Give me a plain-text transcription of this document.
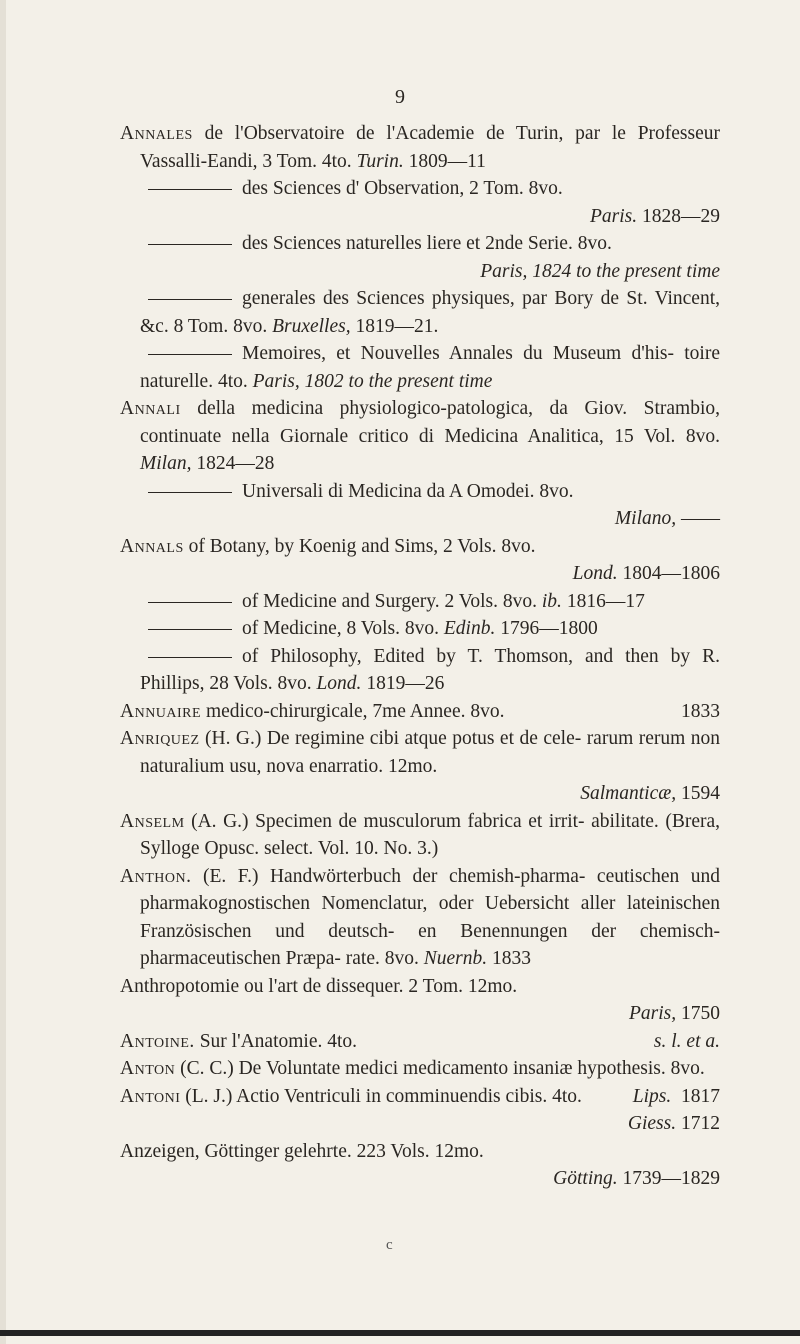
9

Annales de l'Observatoire de l'Academie de Turin, par le Professeur Vassalli-Eandi, 3 Tom. 4to. Turin. 1809—11

des Sciences d' Observation, 2 Tom. 8vo.
Paris. 1828—29

des Sciences naturelles liere et 2nde Serie. 8vo.
Paris, 1824 to the present time

generales des Sciences physiques, par Bory de St. Vincent, &c. 8 Tom. 8vo. Bruxelles, 1819—21.

Memoires, et Nouvelles Annales du Museum d'his- toire naturelle. 4to. Paris, 1802 to the present time

Annali della medicina physiologico-patologica, da Giov. Strambio, continuate nella Giornale critico di Medicina Analitica, 15 Vol. 8vo. Milan, 1824—28

Universali di Medicina da A Omodei. 8vo.
Milano, ——

Annals of Botany, by Koenig and Sims, 2 Vols. 8vo.
Lond. 1804—1806

of Medicine and Surgery. 2 Vols. 8vo. ib. 1816—17

of Medicine, 8 Vols. 8vo. Edinb. 1796—1800

of Philosophy, Edited by T. Thomson, and then by R. Phillips, 28 Vols. 8vo. Lond. 1819—26

Annuaire medico-chirurgicale, 7me Annee. 8vo.	1833

Anriquez (H. G.) De regimine cibi atque potus et de cele- rarum rerum non naturalium usu, nova enarratio. 12mo.
Salmanticæ, 1594

Anselm (A. G.) Specimen de musculorum fabrica et irrit- abilitate. (Brera, Sylloge Opusc. select. Vol. 10. No. 3.)

Anthon. (E. F.) Handwörterbuch der chemish-pharma- ceutischen und pharmakognostischen Nomenclatur, oder Uebersicht aller lateinischen Französischen und deutsch- en Benennungen der chemisch-pharmaceutischen Præpa- rate. 8vo. Nuernb. 1833

Anthropotomie ou l'art de dissequer. 2 Tom. 12mo.
Paris, 1750

Antoine. Sur l'Anatomie. 4to.	s. l. et a.

Anton (C. C.) De Voluntate medici medicamento insaniæ hypothesis. 8vo.
Lips. 1817

Antoni (L. J.) Actio Ventriculi in comminuendis cibis. 4to.
Giess. 1712

Anzeigen, Göttinger gelehrte. 223 Vols. 12mo.
Götting. 1739—1829

c
